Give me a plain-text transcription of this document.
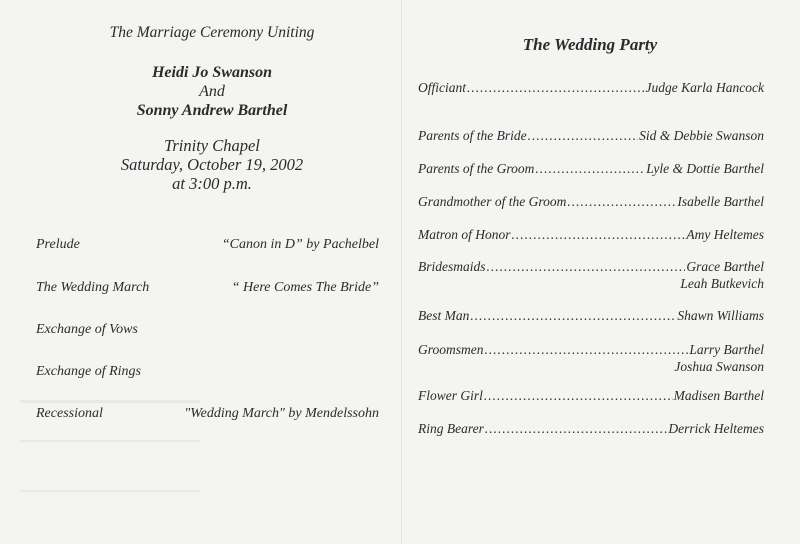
The Marriage Ceremony Uniting
Heidi Jo Swanson
And
Sonny Andrew Barthel
Trinity Chapel
Saturday, October 19, 2002
at 3:00 p.m.
Prelude	“Canon in D” by Pachelbel
The Wedding March	“ Here Comes The Bride”
Exchange of Vows
Exchange of Rings
Recessional	"Wedding March" by Mendelssohn
The Wedding Party
Officiant .....	Judge Karla Hancock
Parents of the Bride .....	Sid & Debbie Swanson
Parents of the Groom .....	Lyle & Dottie Barthel
Grandmother of the Groom .....	Isabelle Barthel
Matron of Honor .....	Amy Heltemes
Bridesmaids .....	Grace Barthel
Leah Butkevich
Best Man .....	Shawn Williams
Groomsmen .....	Larry Barthel
Joshua Swanson
Flower Girl .....	Madisen Barthel
Ring Bearer .....	Derrick Heltemes
